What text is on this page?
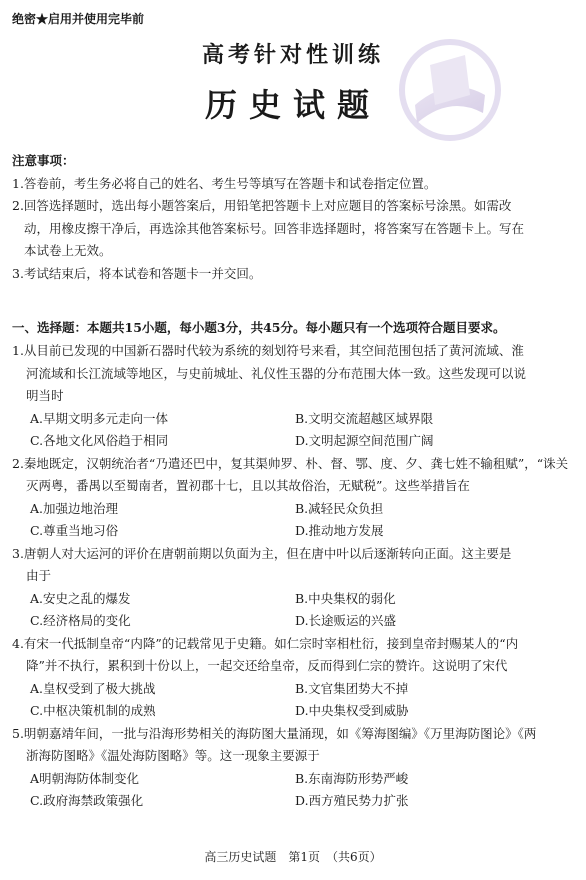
绝密★启用并使用完毕前
高考针对性训练
历史试题
注意事项：
1.答卷前，考生务必将自己的姓名、考生号等填写在答题卡和试卷指定位置。
2.回答选择题时，选出每小题答案后，用铅笔把答题卡上对应题目的答案标号涂黑。如需改
动，用橡皮擦干净后，再选涂其他答案标号。回答非选择题时，将答案写在答题卡上。写在
本试卷上无效。
3.考试结束后，将本试卷和答题卡一并交回。
一、选择题：本题共15小题，每小题3分，共45分。每小题只有一个选项符合题目要求。
1.从目前已发现的中国新石器时代较为系统的刻划符号来看，其空间范围包括了黄河流域、淮
河流域和长江流域等地区，与史前城址、礼仪性玉器的分布范围大体一致。这些发现可以说
明当时
A.早期文明多元走向一体	B.文明交流超越区域界限
C.各地文化风俗趋于相同	D.文明起源空间范围广阔
2.秦地既定，汉朝统治者“乃遣还巴中，复其渠帅罗、朴、督、鄂、度、夕、龚七姓不输租赋”，“诛关
灭两粤，番禺以至蜀南者，置初郡十七，且以其故俗治，无赋税”。这些举措旨在
A.加强边地治理	B.减轻民众负担
C.尊重当地习俗	D.推动地方发展
3.唐朝人对大运河的评价在唐朝前期以负面为主，但在唐中叶以后逐渐转向正面。这主要是
由于
A.安史之乱的爆发	B.中央集权的弱化
C.经济格局的变化	D.长途贩运的兴盛
4.有宋一代抵制皇帝“内降”的记载常见于史籍。如仁宗时宰相杜衍，接到皇帝封赐某人的“内
降”并不执行，累积到十份以上，一起交还给皇帝，反而得到仁宗的赞许。这说明了宋代
A.皇权受到了极大挑战	B.文官集团势大不掉
C.中枢决策机制的成熟	D.中央集权受到威胁
5.明朝嘉靖年间，一批与沿海形势相关的海防图大量涌现，如《筹海图编》《万里海防图论》《两
浙海防图略》《温处海防图略》等。这一现象主要源于
A明朝海防体制变化	B.东南海防形势严峻
C.政府海禁政策强化	D.西方殖民势力扩张
高三历史试题　第1页　（共6页）
